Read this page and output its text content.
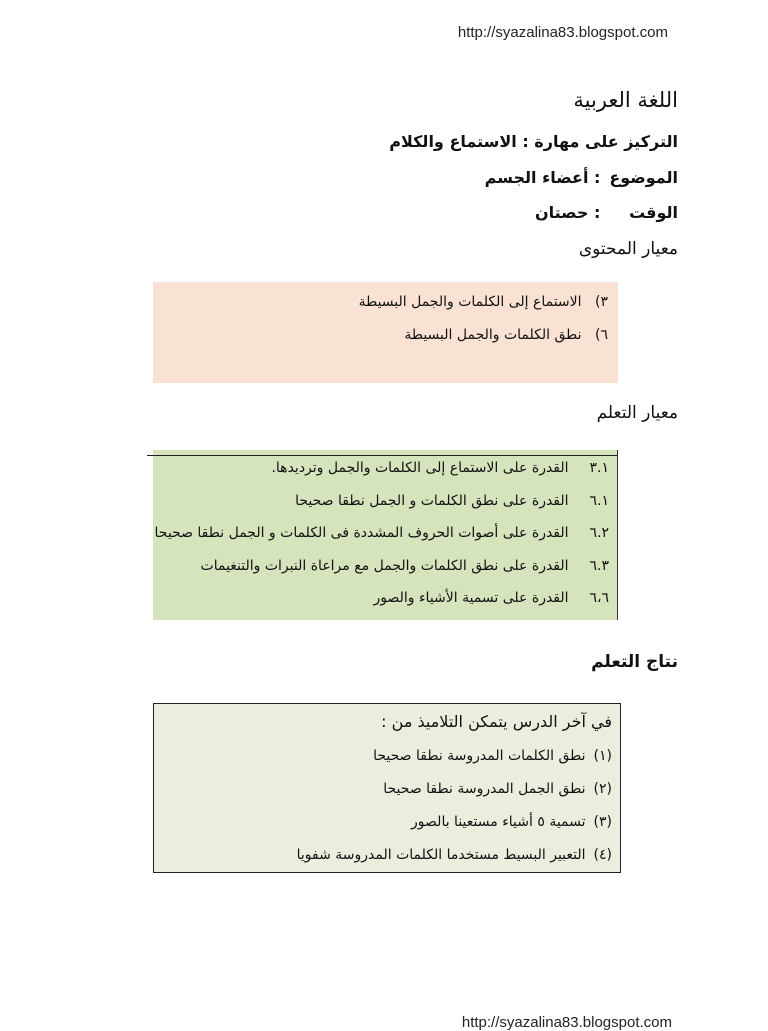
http://syazalina83.blogspot.com
اللغة العربية
التركيز على مهارة : الاستماع والكلام
الموضوع : أعضاء الجسم
الوقت : حصتان
معيار المحتوى
٣) الاستماع إلى الكلمات والجمل البسيطة
٦) نطق الكلمات والجمل البسيطة
معيار التعلم
٣.١ القدرة على الاستماع إلى الكلمات والجمل وترديدها.
٦.١ القدرة على نطق الكلمات و الجمل نطقا صحيحا
٦.٢ القدرة على أصوات الحروف المشددة فى الكلمات و الجمل نطقا صحيحا
٦.٣ القدرة على نطق الكلمات والجمل مع مراعاة النبرات والتنغيمات
٦،٦ القدرة على تسمية الأشياء والصور
نتاج التعلم
في آخر الدرس يتمكن التلاميذ من :
(١) نطق الكلمات المدروسة نطقا صحيحا
(٢) نطق الجمل المدروسة نطقا صحيحا
(٣) تسمية ٥ أشياء مستعينا بالصور
(٤) التعبير البسيط مستخدما الكلمات المدروسة شفويا
http://syazalina83.blogspot.com
